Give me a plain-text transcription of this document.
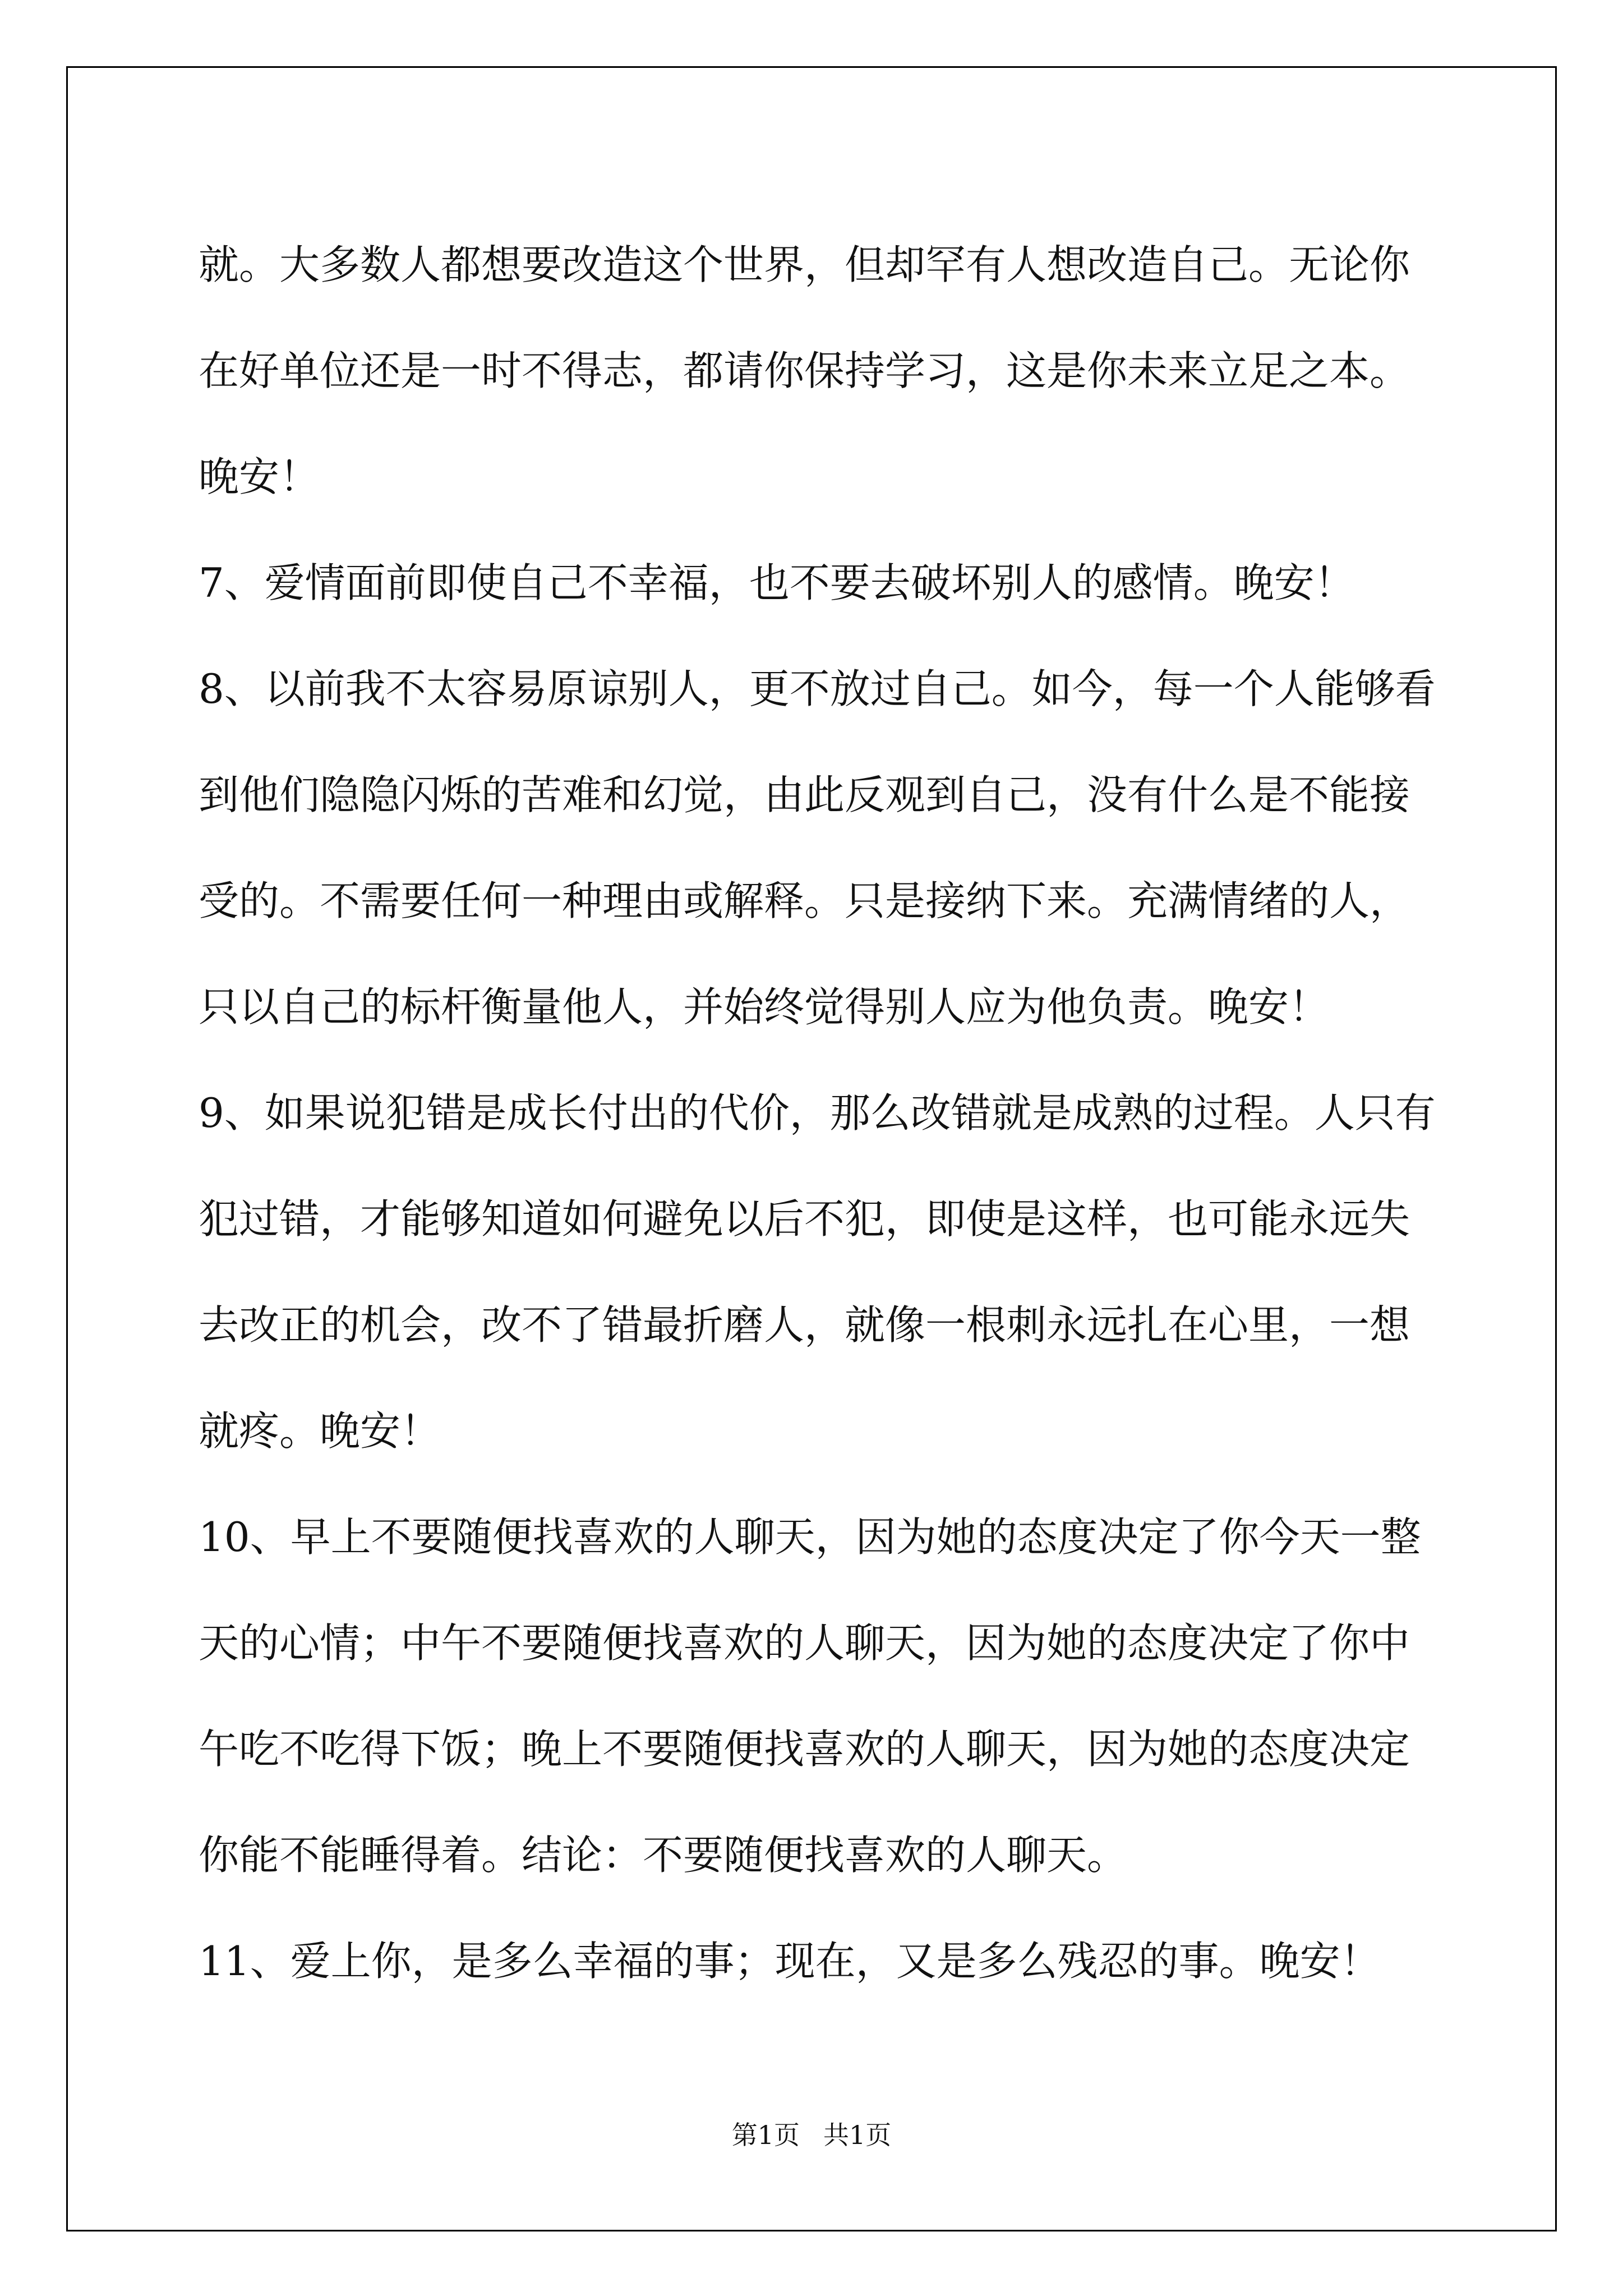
就。大多数人都想要改造这个世界，但却罕有人想改造自己。无论你
在好单位还是一时不得志，都请你保持学习，这是你未来立足之本。
晚安！
7、爱情面前即使自己不幸福，也不要去破坏别人的感情。晚安！
8、以前我不太容易原谅别人，更不放过自己。如今，每一个人能够看
到他们隐隐闪烁的苦难和幻觉，由此反观到自己，没有什么是不能接
受的。不需要任何一种理由或解释。只是接纳下来。充满情绪的人，
只以自己的标杆衡量他人，并始终觉得别人应为他负责。晚安！
9、如果说犯错是成长付出的代价，那么改错就是成熟的过程。人只有
犯过错，才能够知道如何避免以后不犯，即使是这样，也可能永远失
去改正的机会，改不了错最折磨人，就像一根刺永远扎在心里，一想
就疼。晚安！
10、早上不要随便找喜欢的人聊天，因为她的态度决定了你今天一整
天的心情；中午不要随便找喜欢的人聊天，因为她的态度决定了你中
午吃不吃得下饭；晚上不要随便找喜欢的人聊天，因为她的态度决定
你能不能睡得着。结论：不要随便找喜欢的人聊天。
11、爱上你，是多么幸福的事；现在，又是多么残忍的事。晚安！
第1页 共1页
